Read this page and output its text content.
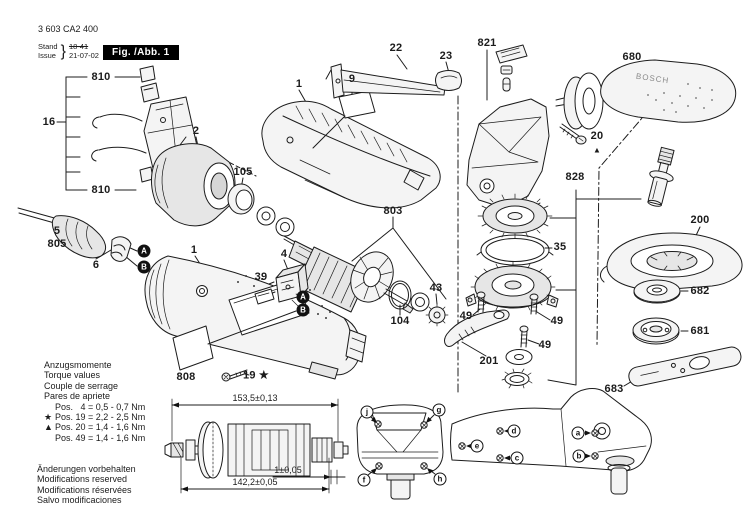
BOSCH
3 603 CA2 400
Stand
Issue } 18-41
21-07-02	Fig. /Abb. 1
Anzugsmomente
Torque values
Couple de serrage
Pares de apriete
Pos.   4 = 0,5 - 0,7 Nm
★ Pos. 19 = 2,2 - 2,5 Nm
▲ Pos. 20 = 1,4 - 1,6 Nm
Pos. 49 = 1,4 - 1,6 Nm
Änderungen vorbehalten
Modifications reserved
Modifications réservées
Salvo modificaciones
153,5±0,13
1±0,05
142,2±0,05
810
16
810
2
105
5
805
6
1	9
22
23
821
680
20
▲
828
200
35
49	49
49
201
682
681
683
1	4
39
808	19 ★
803
104
43
A
B
A
B
j	g
f	h
d
e
c
a
b
